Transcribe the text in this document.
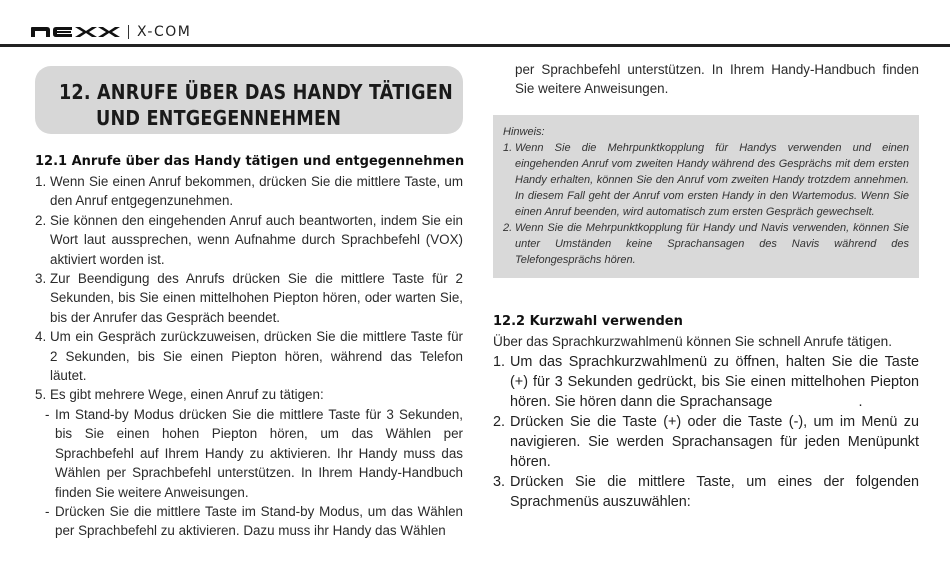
X-COM
12. ANRUFE ÜBER DAS HANDY TÄTIGEN
UND ENTGEGENNEHMEN
12.1 Anrufe über das Handy tätigen und entgegennehmen
1. Wenn Sie einen Anruf bekommen, drücken Sie die mittlere Taste, um den Anruf entgegenzunehmen.
2. Sie können den eingehenden Anruf auch beantworten, indem Sie ein Wort laut aussprechen, wenn Aufnahme durch Sprachbefehl (VOX) aktiviert worden ist.
3. Zur Beendigung des Anrufs drücken Sie die mittlere Taste für 2 Sekunden, bis Sie einen mittelhohen Piepton hören, oder warten Sie, bis der Anrufer das Gespräch beendet.
4. Um ein Gespräch zurückzuweisen, drücken Sie die mittlere Taste für 2 Sekunden, bis Sie einen Piepton hören, während das Telefon läutet.
5. Es gibt mehrere Wege, einen Anruf zu tätigen:
- Im Stand-by Modus drücken Sie die mittlere Taste für 3 Sekunden, bis Sie einen hohen Piepton hören, um das Wählen per Sprachbefehl auf Ihrem Handy zu aktivieren. Ihr Handy muss das Wählen per Sprachbefehl unterstützen. In Ihrem Handy-Handbuch finden Sie weitere Anweisungen.
- Drücken Sie die mittlere Taste im Stand-by Modus, um das Wählen per Sprachbefehl zu aktivieren. Dazu muss ihr Handy das Wählen
per Sprachbefehl unterstützen. In Ihrem Handy-Handbuch finden Sie weitere Anweisungen.
Hinweis:
1. Wenn Sie die Mehrpunktkopplung für Handys verwenden und einen eingehenden Anruf vom zweiten Handy während des Gesprächs mit dem ersten Handy erhalten, können Sie den Anruf vom zweiten Handy trotzdem annehmen. In diesem Fall geht der Anruf vom ersten Handy in den Wartemodus. Wenn Sie einen Anruf beenden, wird automatisch zum ersten Gespräch gewechselt.
2. Wenn Sie die Mehrpunktkopplung für Handy und Navis verwenden, können Sie unter Umständen keine Sprachansagen des Navis während des Telefongesprächs hören.
12.2 Kurzwahl verwenden
Über das Sprachkurzwahlmenü können Sie schnell Anrufe tätigen.
1. Um das Sprachkurzwahlmenü zu öffnen, halten Sie die Taste (+) für 3 Sekunden gedrückt, bis Sie einen mittelhohen Piepton hören. Sie hören dann die Sprachansage	.
2. Drücken Sie die Taste (+) oder die Taste (-), um im Menü zu navigieren. Sie werden Sprachansagen für jeden Menüpunkt hören.
3. Drücken Sie die mittlere Taste, um eines der folgenden Sprachmenüs auszuwählen:
